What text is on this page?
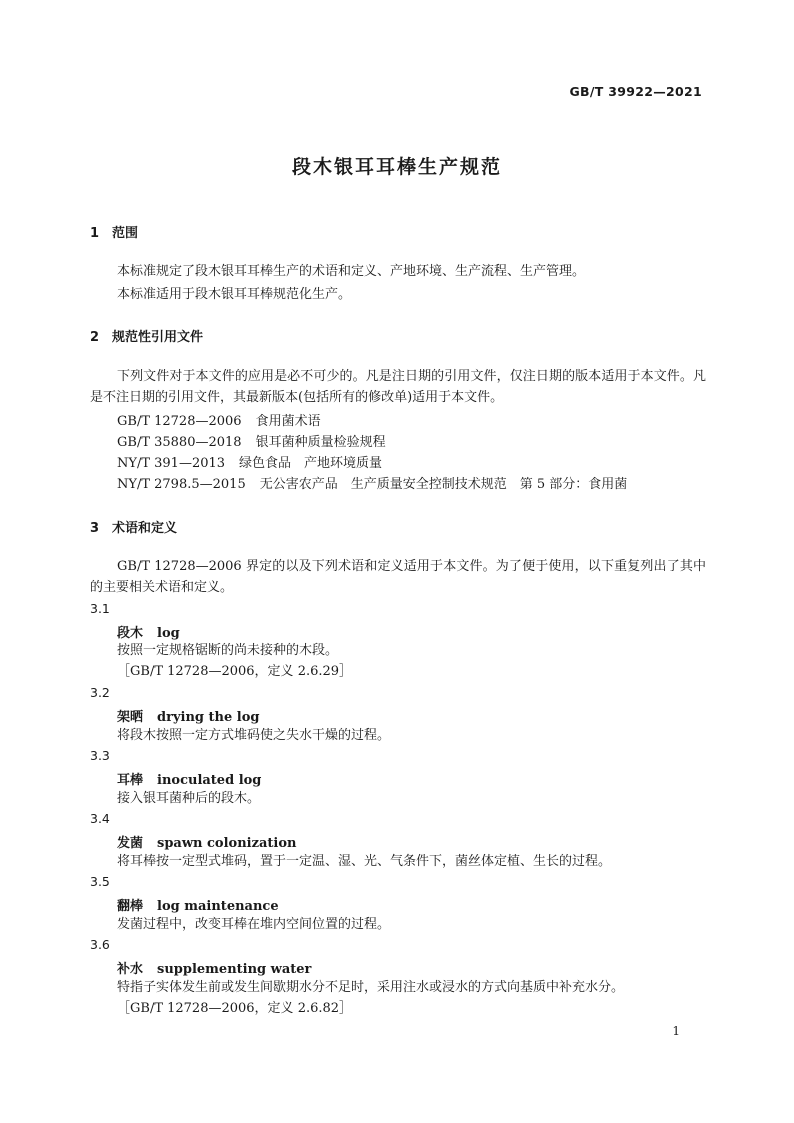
GB/T 39922—2021
段木银耳耳棒生产规范
1 范围
本标准规定了段木银耳耳棒生产的术语和定义、产地环境、生产流程、生产管理。
本标准适用于段木银耳耳棒规范化生产。
2 规范性引用文件
下列文件对于本文件的应用是必不可少的。凡是注日期的引用文件，仅注日期的版本适用于本文件。凡是不注日期的引用文件，其最新版本(包括所有的修改单)适用于本文件。
GB/T 12728—2006 食用菌术语
GB/T 35880—2018 银耳菌种质量检验规程
NY/T 391—2013 绿色食品　产地环境质量
NY/T 2798.5—2015 无公害农产品　生产质量安全控制技术规范　第 5 部分：食用菌
3 术语和定义
GB/T 12728—2006 界定的以及下列术语和定义适用于本文件。为了便于使用，以下重复列出了其中的主要相关术语和定义。
3.1
段木 log
按照一定规格锯断的尚未接种的木段。
［GB/T 12728—2006，定义 2.6.29］
3.2
架晒 drying the log
将段木按照一定方式堆码使之失水干燥的过程。
3.3
耳棒 inoculated log
接入银耳菌种后的段木。
3.4
发菌 spawn colonization
将耳棒按一定型式堆码，置于一定温、湿、光、气条件下，菌丝体定植、生长的过程。
3.5
翻棒 log maintenance
发菌过程中，改变耳棒在堆内空间位置的过程。
3.6
补水 supplementing water
特指子实体发生前或发生间歇期水分不足时，采用注水或浸水的方式向基质中补充水分。
［GB/T 12728—2006，定义 2.6.82］
1
